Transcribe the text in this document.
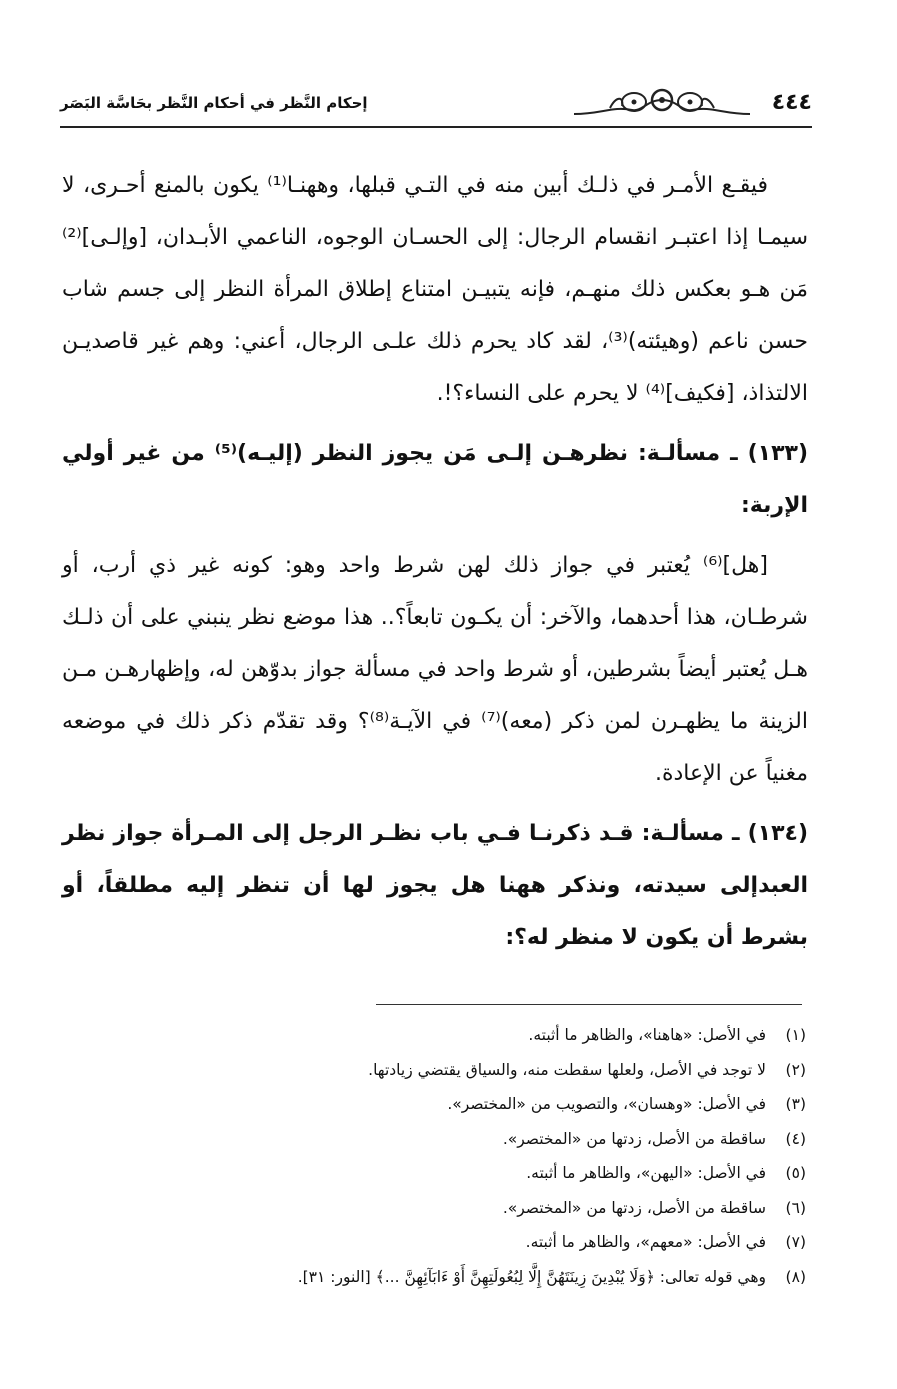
٤٤٤
إحكام النَّظر في أحكام النَّظر بحَاسَّة البَصَر

فيقـع الأمـر في ذلـك أبين منه في التـي قبلها، وههنـا⁽¹⁾ يكون بالمنع أحـرى، لا سيمـا إذا اعتبـر انقسام الرجال: إلى الحسـان الوجوه، الناعمي الأبـدان، [وإلـى]⁽²⁾ مَن هـو بعكس ذلك منهـم، فإنه يتبيـن امتناع إطلاق المرأة النظر إلى جسم شاب حسن ناعم (وهيئته)⁽³⁾، لقد كاد يحرم ذلك علـى الرجال، أعني: وهم غير قاصديـن الالتذاذ، [فكيف]⁽⁴⁾ لا يحرم على النساء؟!.

(١٣٣) ـ مسألـة: نظرهـن إلـى مَن يجوز النظر (إليـه)⁽⁵⁾ من غير أولي الإربة:

[هل]⁽⁶⁾ يُعتبر في جواز ذلك لهن شرط واحد وهو: كونه غير ذي أرب، أو شرطـان، هذا أحدهما، والآخر: أن يكـون تابعاً؟.. هذا موضع نظر ينبني على أن ذلـك هـل يُعتبر أيضاً بشرطين، أو شرط واحد في مسألة جواز بدوّهن له، وإظهارهـن مـن الزينة ما يظهـرن لمن ذكر (معه)⁽⁷⁾ في الآيـة⁽⁸⁾؟ وقد تقدّم ذكر ذلك في موضعه مغنياً عن الإعادة.

(١٣٤) ـ مسألـة: قـد ذكرنـا فـي باب نظـر الرجل إلى المـرأة جواز نظر العبدإلى سيدته، ونذكر ههنا هل يجوز لها أن تنظر إليه مطلقاً، أو بشرط أن يكون لا منظر له؟:

(١)في الأصل: «هاهنا»، والظاهر ما أثبته.
(٢)لا توجد في الأصل، ولعلها سقطت منه، والسياق يقتضي زيادتها.
(٣)في الأصل: «وهسان»، والتصويب من «المختصر».
(٤)ساقطة من الأصل، زدتها من «المختصر».
(٥)في الأصل: «اليهن»، والظاهر ما أثبته.
(٦)ساقطة من الأصل، زدتها من «المختصر».
(٧)في الأصل: «معهم»، والظاهر ما أثبته.
(٨)وهي قوله تعالى: ﴿وَلَا يُبْدِينَ زِينَتَهُنَّ إِلَّا لِبُعُولَتِهِنَّ أَوْ ءَابَآئِهِنَّ ...﴾ [النور: ٣١].
